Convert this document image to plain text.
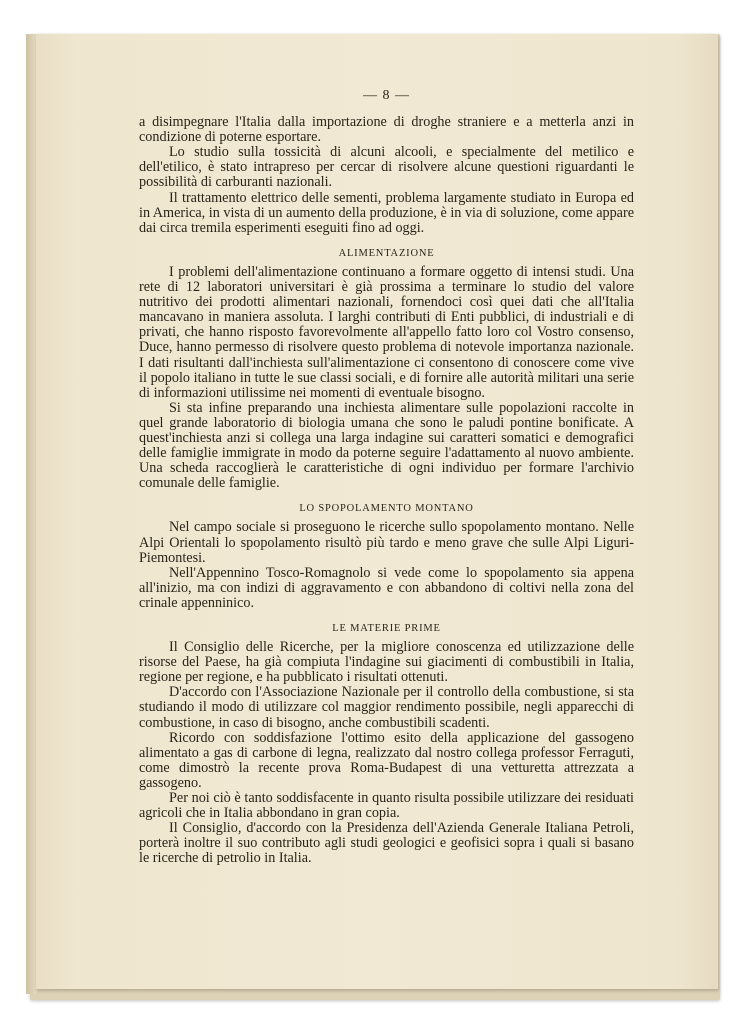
— 8 —

a disimpegnare l'Italia dalla importazione di droghe straniere e a metterla anzi in condizione di poterne esportare.

Lo studio sulla tossicità di alcuni alcooli, e specialmente del metilico e dell'etilico, è stato intrapreso per cercar di risolvere alcune questioni riguardanti le possibilità di carburanti nazionali.

Il trattamento elettrico delle sementi, problema largamente studiato in Europa ed in America, in vista di un aumento della produzione, è in via di soluzione, come appare dai circa tremila esperimenti eseguiti fino ad oggi.

ALIMENTAZIONE

I problemi dell'alimentazione continuano a formare oggetto di intensi studi. Una rete di 12 laboratori universitari è già prossima a terminare lo studio del valore nutritivo dei prodotti alimentari nazionali, fornendoci così quei dati che all'Italia mancavano in maniera assoluta. I larghi contributi di Enti pubblici, di industriali e di privati, che hanno risposto favorevolmente all'appello fatto loro col Vostro consenso, Duce, hanno permesso di risolvere questo problema di notevole importanza nazionale. I dati risultanti dall'inchiesta sull'alimentazione ci consentono di conoscere come vive il popolo italiano in tutte le sue classi sociali, e di fornire alle autorità militari una serie di informazioni utilissime nei momenti di eventuale bisogno.

Si sta infine preparando una inchiesta alimentare sulle popolazioni raccolte in quel grande laboratorio di biologia umana che sono le paludi pontine bonificate. A quest'inchiesta anzi si collega una larga indagine sui caratteri somatici e demografici delle famiglie immigrate in modo da poterne seguire l'adattamento al nuovo ambiente. Una scheda raccoglierà le caratteristiche di ogni individuo per formare l'archivio comunale delle famiglie.

LO SPOPOLAMENTO MONTANO

Nel campo sociale si proseguono le ricerche sullo spopolamento montano. Nelle Alpi Orientali lo spopolamento risultò più tardo e meno grave che sulle Alpi Liguri-Piemontesi.

Nell'Appennino Tosco-Romagnolo si vede come lo spopolamento sia appena all'inizio, ma con indizi di aggravamento e con abbandono di coltivi nella zona del crinale appenninico.

LE MATERIE PRIME

Il Consiglio delle Ricerche, per la migliore conoscenza ed utilizzazione delle risorse del Paese, ha già compiuta l'indagine sui giacimenti di combustibili in Italia, regione per regione, e ha pubblicato i risultati ottenuti.

D'accordo con l'Associazione Nazionale per il controllo della combustione, si sta studiando il modo di utilizzare col maggior rendimento possibile, negli apparecchi di combustione, in caso di bisogno, anche combustibili scadenti.

Ricordo con soddisfazione l'ottimo esito della applicazione del gassogeno alimentato a gas di carbone di legna, realizzato dal nostro collega professor Ferraguti, come dimostrò la recente prova Roma-Budapest di una vetturetta attrezzata a gassogeno.

Per noi ciò è tanto soddisfacente in quanto risulta possibile utilizzare dei residuati agricoli che in Italia abbondano in gran copia.

Il Consiglio, d'accordo con la Presidenza dell'Azienda Generale Italiana Petroli, porterà inoltre il suo contributo agli studi geologici e geofisici sopra i quali si basano le ricerche di petrolio in Italia.
